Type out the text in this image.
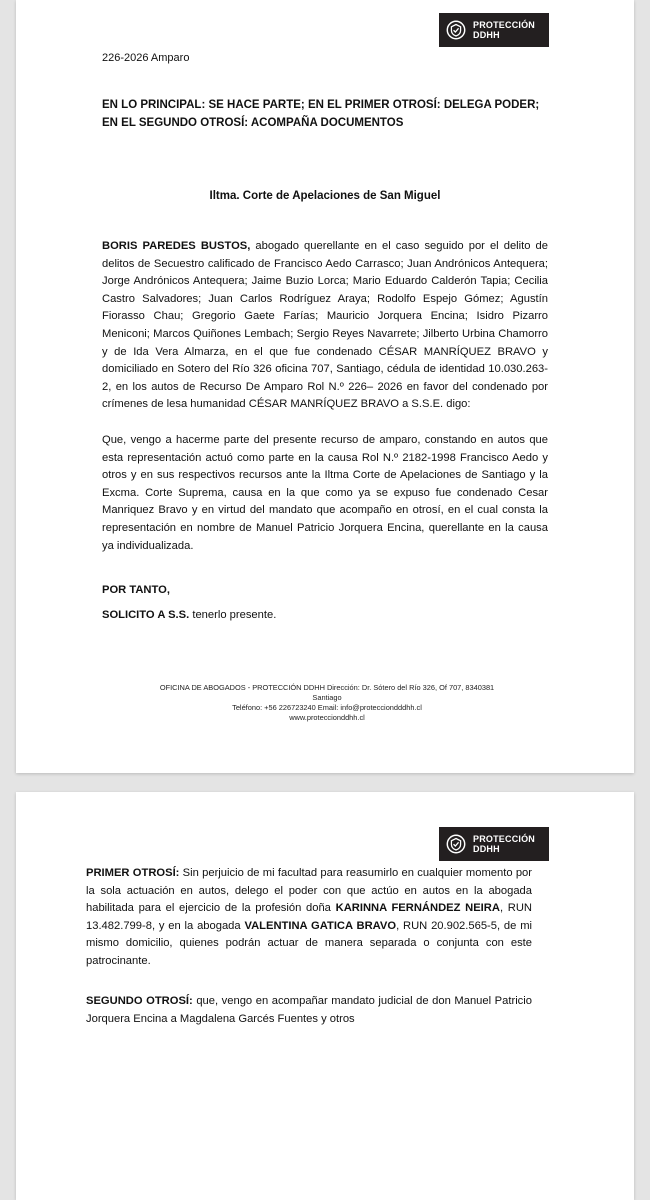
PROTECCIÓN
DDHH
226-2026 Amparo
EN LO PRINCIPAL: SE HACE PARTE; EN EL PRIMER OTROSÍ: DELEGA PODER; EN EL SEGUNDO OTROSÍ: ACOMPAÑA DOCUMENTOS
Iltma. Corte de Apelaciones de San Miguel
BORIS PAREDES BUSTOS, abogado querellante en el caso seguido por el delito de delitos de Secuestro calificado de Francisco Aedo Carrasco; Juan Andrónicos Antequera; Jorge Andrónicos Antequera; Jaime Buzio Lorca; Mario Eduardo Calderón Tapia; Cecilia Castro Salvadores; Juan Carlos Rodríguez Araya; Rodolfo Espejo Gómez; Agustín Fiorasso Chau; Gregorio Gaete Farías; Mauricio Jorquera Encina; Isidro Pizarro Meniconi; Marcos Quiñones Lembach; Sergio Reyes Navarrete; Jilberto Urbina Chamorro y de Ida Vera Almarza, en el que fue condenado CÉSAR MANRÍQUEZ BRAVO y domiciliado en Sotero del Río 326 oficina 707, Santiago, cédula de identidad 10.030.263-2, en los autos de Recurso De Amparo Rol N.º 226– 2026 en favor del condenado por crímenes de lesa humanidad CÉSAR MANRÍQUEZ BRAVO a S.S.E. digo:
Que, vengo a hacerme parte del presente recurso de amparo, constando en autos que esta representación actuó como parte en la causa Rol N.º 2182-1998 Francisco Aedo y otros y en sus respectivos recursos ante la Iltma Corte de Apelaciones de Santiago y la Excma. Corte Suprema, causa en la que como ya se expuso fue condenado Cesar Manriquez Bravo y en virtud del mandato que acompaño en otrosí, en el cual consta la representación en nombre de Manuel Patricio Jorquera Encina, querellante en la causa ya individualizada.
POR TANTO,
SOLICITO A S.S. tenerlo presente.
OFICINA DE ABOGADOS - PROTECCIÓN DDHH Dirección: Dr. Sótero del Río 326, Of 707, 8340381
Santiago
Teléfono: +56 226723240 Email: info@protecciondddhh.cl
www.proteccionddhh.cl
PROTECCIÓN
DDHH
PRIMER OTROSÍ: Sin perjuicio de mi facultad para reasumirlo en cualquier momento por la sola actuación en autos, delego el poder con que actúo en autos en la abogada habilitada para el ejercicio de la profesión doña KARINNA FERNÁNDEZ NEIRA, RUN 13.482.799-8, y en la abogada VALENTINA GATICA BRAVO, RUN 20.902.565-5, de mi mismo domicilio, quienes podrán actuar de manera separada o conjunta con este patrocinante.
SEGUNDO OTROSÍ: que, vengo en acompañar mandato judicial de don Manuel Patricio Jorquera Encina a Magdalena Garcés Fuentes y otros
